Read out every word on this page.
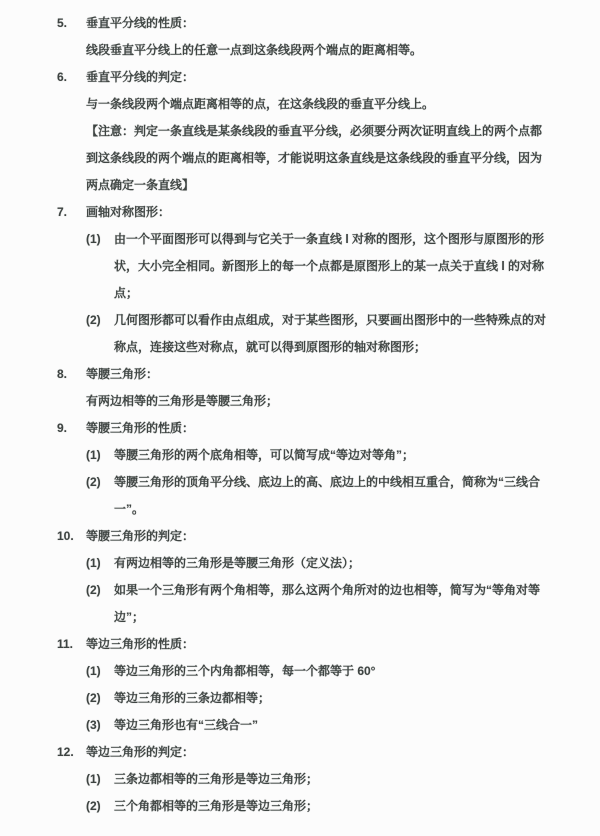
5.	垂直平分线的性质：
线段垂直平分线上的任意一点到这条线段两个端点的距离相等。
6.	垂直平分线的判定：
与一条线段两个端点距离相等的点，在这条线段的垂直平分线上。
【注意：判定一条直线是某条线段的垂直平分线，必须要分两次证明直线上的两个点都到这条线段的两个端点的距离相等，才能说明这条直线是这条线段的垂直平分线，因为两点确定一条直线】
7.	画轴对称图形：
(1)	由一个平面图形可以得到与它关于一条直线 l 对称的图形，这个图形与原图形的形状，大小完全相同。新图形上的每一个点都是原图形上的某一点关于直线 l 的对称点；
(2)	几何图形都可以看作由点组成，对于某些图形，只要画出图形中的一些特殊点的对称点，连接这些对称点，就可以得到原图形的轴对称图形；
8.	等腰三角形：
有两边相等的三角形是等腰三角形；
9.	等腰三角形的性质：
(1)	等腰三角形的两个底角相等，可以简写成“等边对等角”；
(2)	等腰三角形的顶角平分线、底边上的高、底边上的中线相互重合，简称为“三线合一”。
10.	等腰三角形的判定：
(1)	有两边相等的三角形是等腰三角形（定义法）；
(2)	如果一个三角形有两个角相等，那么这两个角所对的边也相等，简写为“等角对等边”；
11.	等边三角形的性质：
(1)	等边三角形的三个内角都相等，每一个都等于 60°
(2)	等边三角形的三条边都相等；
(3)	等边三角形也有“三线合一”
12.	等边三角形的判定：
(1)	三条边都相等的三角形是等边三角形；
(2)	三个角都相等的三角形是等边三角形；
